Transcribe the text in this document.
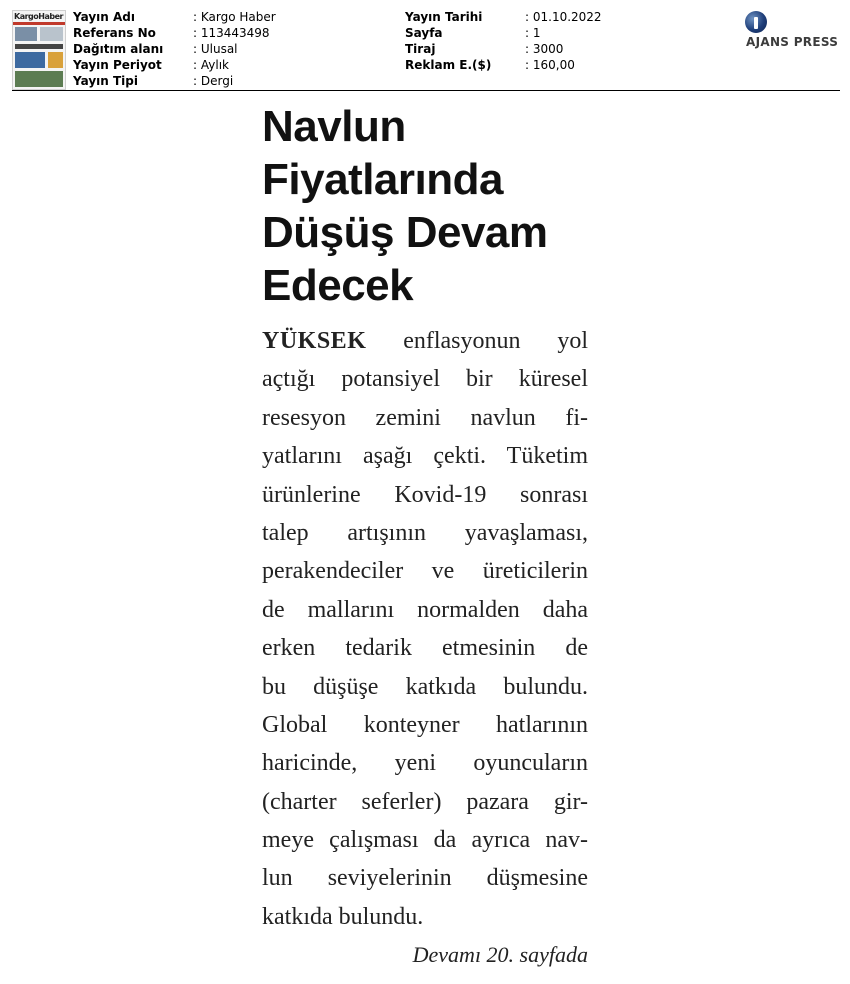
KargoHaber Yayın Adı	: Kargo Haber
Referans No	: 113443498
Dağıtım alanı	: Ulusal
Yayın Periyot	: Aylık
Yayın Tipi	: Dergi
Yayın Tarihi	: 01.10.2022
Sayfa	: 1
Tiraj	: 3000
Reklam E.($)	: 160,00
AJANS PRESS
Navlun
Fiyatlarında
Düşüş Devam
Edecek
YÜKSEK enflasyonun yol
açtığı potansiyel bir küresel
resesyon zemini navlun fi-
yatlarını aşağı çekti. Tüketim
ürünlerine Kovid-19 sonrası
talep artışının yavaşlaması,
perakendeciler ve üreticilerin
de mallarını normalden daha
erken tedarik etmesinin de
bu düşüşe katkıda bulundu.
Global konteyner hatlarının
haricinde, yeni oyuncuların
(charter seferler) pazara gir-
meye çalışması da ayrıca nav-
lun seviyelerinin düşmesine
katkıda bulundu.

Devamı 20. sayfada
